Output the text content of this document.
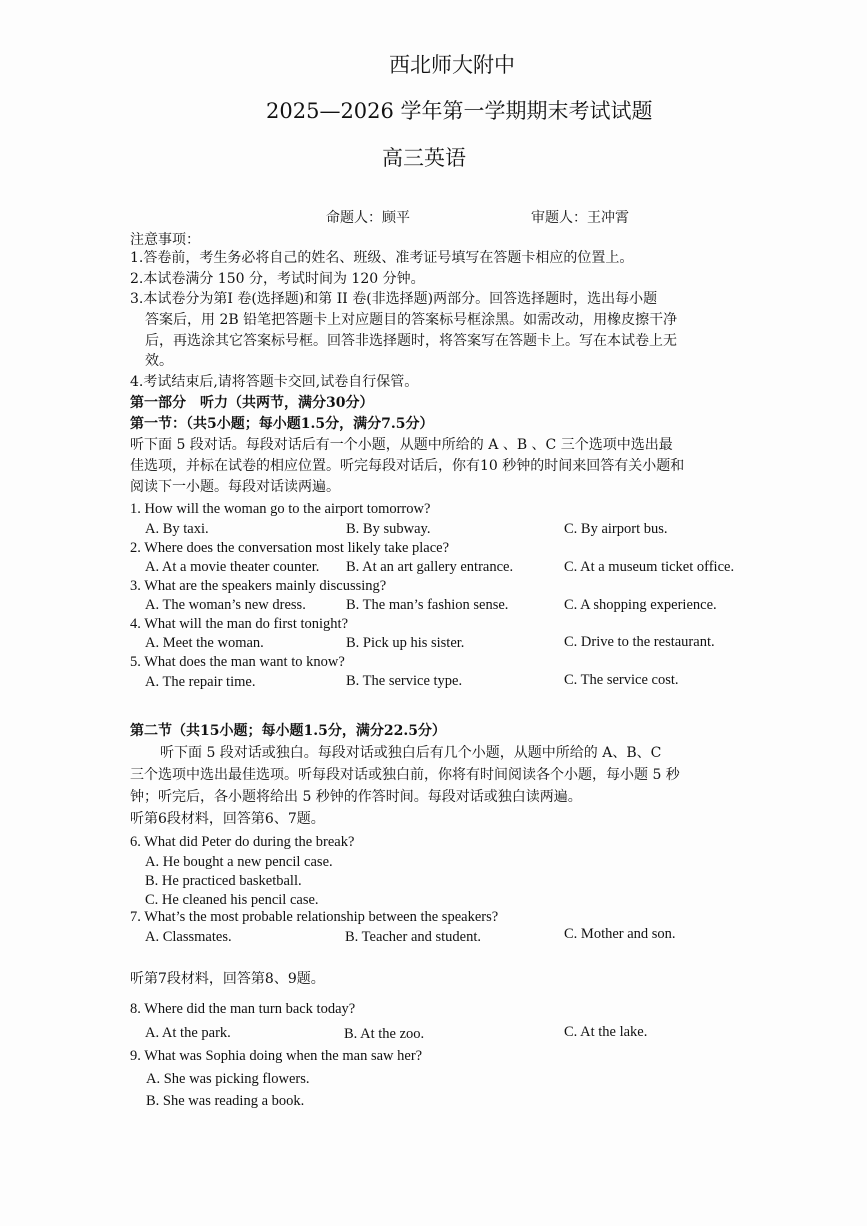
西北师大附中
2025—2026 学年第一学期期末考试试题
高三英语
命题人：顾平	审题人：王冲霄
注意事项：
1.答卷前，考生务必将自己的姓名、班级、准考证号填写在答题卡相应的位置上。
2.本试卷满分 150 分，考试时间为 120 分钟。
3.本试卷分为第I 卷(选择题)和第 II 卷(非选择题)两部分。回答选择题时，选出每小题
答案后，用 2B 铅笔把答题卡上对应题目的答案标号框涂黑。如需改动，用橡皮擦干净
后，再选涂其它答案标号框。回答非选择题时，将答案写在答题卡上。写在本试卷上无
效。
4.考试结束后,请将答题卡交回,试卷自行保管。
第一部分　听力（共两节，满分30分）
第一节：（共5小题；每小题1.5分，满分7.5分）
听下面 5 段对话。每段对话后有一个小题，从题中所给的 A 、B 、C 三个选项中选出最
佳选项，并标在试卷的相应位置。听完每段对话后，你有10 秒钟的时间来回答有关小题和
阅读下一小题。每段对话读两遍。
1. How will the woman go to the airport tomorrow?
A. By taxi.	B. By subway.	C. By airport bus.
2. Where does the conversation most likely take place?
A. At a movie theater counter. B. At an art gallery entrance.	C. At a museum ticket office.
3. What are the speakers mainly discussing?
A. The woman’s new dress.	B. The man’s fashion sense.	C. A shopping experience.
4. What will the man do first tonight?
A. Meet the woman.	B. Pick up his sister.	C. Drive to the restaurant.
5. What does the man want to know?
A. The repair time.	B. The service type.	C. The service cost.
第二节（共15小题；每小题1.5分，满分22.5分）
听下面 5 段对话或独白。每段对话或独白后有几个小题，从题中所给的 A、B、C
三个选项中选出最佳选项。听每段对话或独白前，你将有时间阅读各个小题，每小题 5 秒
钟；听完后，各小题将给出 5 秒钟的作答时间。每段对话或独白读两遍。
听第6段材料，回答第6、7题。
6. What did Peter do during the break?
A. He bought a new pencil case.
B. He practiced basketball.
C. He cleaned his pencil case.
7. What’s the most probable relationship between the speakers?
A. Classmates.	B. Teacher and student.	C. Mother and son.
听第7段材料，回答第8、9题。
8. Where did the man turn back today?
A. At the park.	B. At the zoo.	C. At the lake.
9. What was Sophia doing when the man saw her?
A. She was picking flowers.
B. She was reading a book.
